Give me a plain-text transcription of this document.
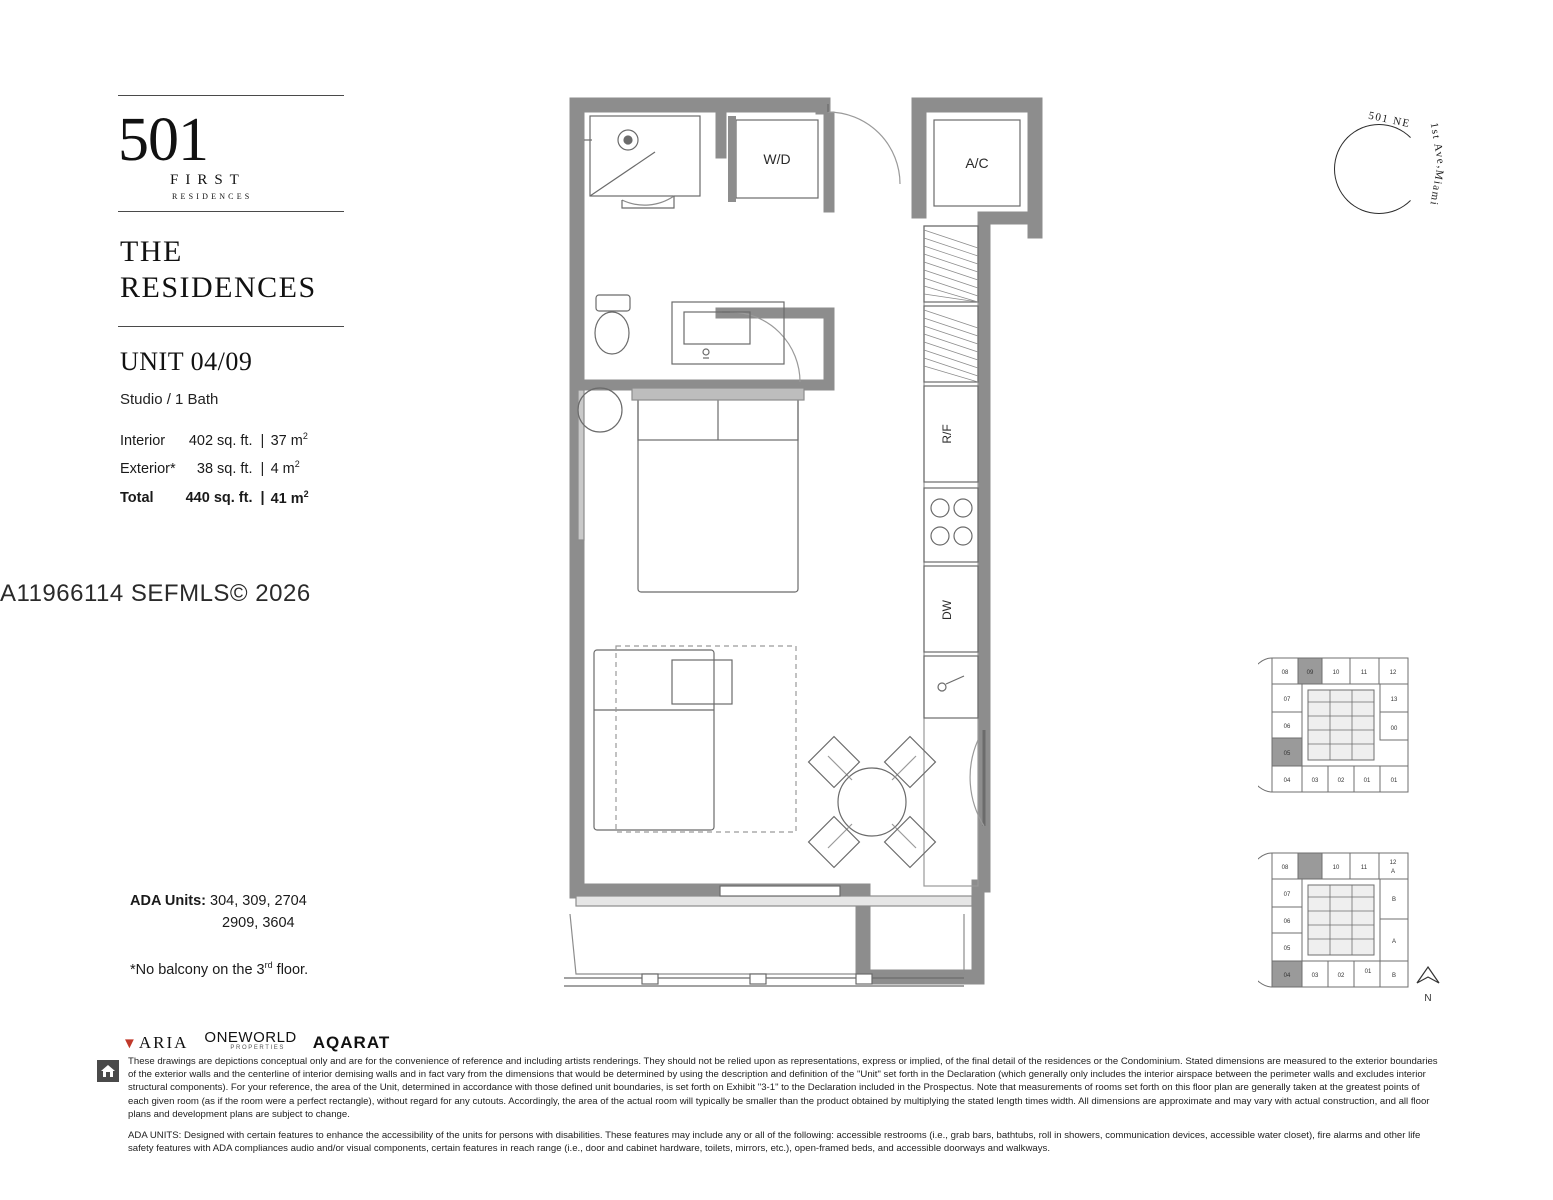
501
FIRST
RESIDENCES
THE
RESIDENCES
UNIT 04/09
Studio / 1 Bath
Interior	402 sq. ft.	|	37 $m^2$
Exterior*	38 sq. ft.	|	4 $m^2$
Total	440 sq. ft.	|	41 $m^2$
A11966114 SEFMLS© 2026
ADA Units: 304, 309, 2704
2909, 3604
*No balcony on the 3rd floor.
501 NE
1st Ave,
Miami
W/D	A/C
R/F
DW
08	09	10	11	12
07
06
05
04
13
00
01
03	02	01
08	10	11
12
A
07
06
05
04
B
A
03	02
01
B
N
▼ARIA ONEWORLD
PROPERTIES	AQARAT

These drawings are depictions conceptual only and are for the convenience of reference and including artists renderings. They should not be relied upon as representations, express or implied, of the final detail of the residences or the Condominium. Stated dimensions are measured to the exterior boundaries of the exterior walls and the centerline of interior demising walls and in fact vary from the dimensions that would be determined by using the description and definition of the "Unit" set forth in the Declaration (which generally only includes the interior airspace between the perimeter walls and excludes interior structural components). For your reference, the area of the Unit, determined in accordance with those defined unit boundaries, is set forth on Exhibit "3-1" to the Declaration included in the Prospectus. Note that measurements of rooms set forth on this floor plan are generally taken at the greatest points of each given room (as if the room were a perfect rectangle), without regard for any cutouts. Accordingly, the area of the actual room will typically be smaller than the product obtained by multiplying the stated length times width. All dimensions are approximate and may vary with actual construction, and all floor plans and development plans are subject to change.

ADA UNITS: Designed with certain features to enhance the accessibility of the units for persons with disabilities. These features may include any or all of the following: accessible restrooms (i.e., grab bars, bathtubs, roll in showers, communication devices, accessible water closet), fire alarms and other life safety features with ADA compliances audio and/or visual components, certain features in reach range (i.e., door and cabinet hardware, toilets, mirrors, etc.), open-framed beds, and accessible doorways and walkways.
